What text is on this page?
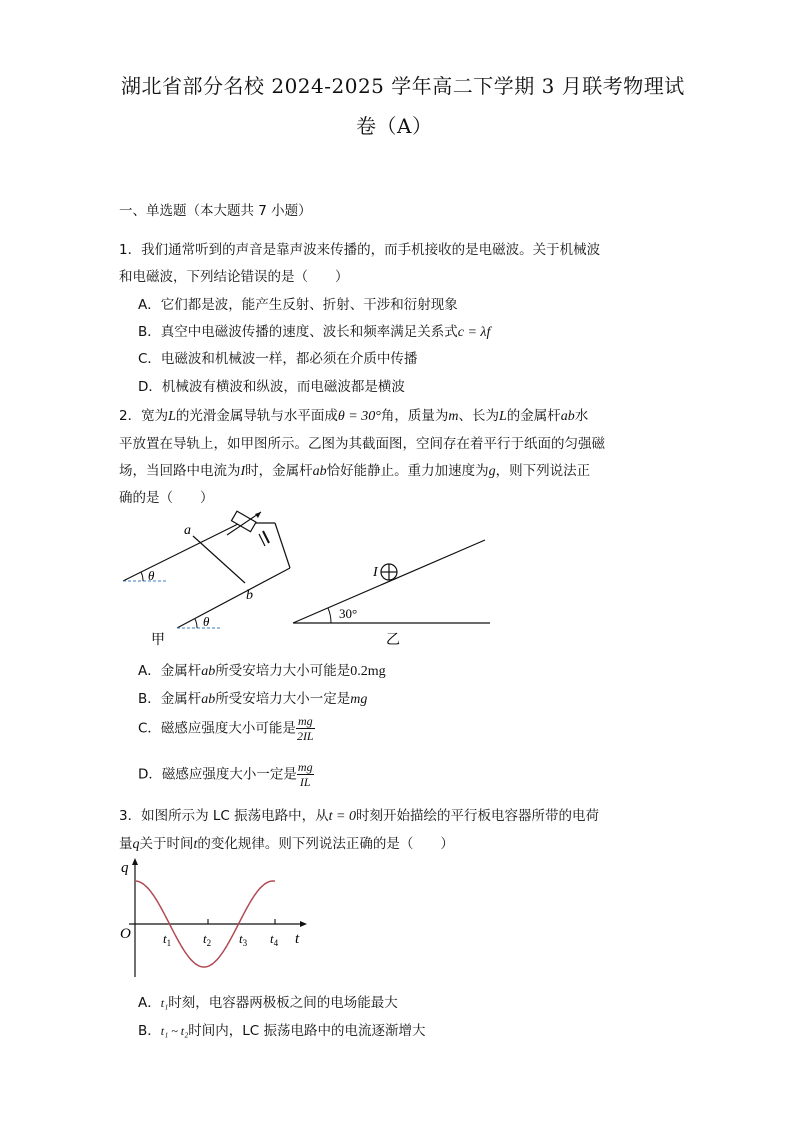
湖北省部分名校 2024-2025 学年高二下学期 3 月联考物理试
卷（A）
一、单选题（本大题共 7 小题）
1．我们通常听到的声音是靠声波来传播的，而手机接收的是电磁波。关于机械波
和电磁波，下列结论错误的是（　　）
A．它们都是波，能产生反射、折射、干涉和衍射现象
B．真空中电磁波传播的速度、波长和频率满足关系式c = λf
C．电磁波和机械波一样，都必须在介质中传播
D．机械波有横波和纵波，而电磁波都是横波
2．宽为L的光滑金属导轨与水平面成θ = 30°角，质量为m、长为L的金属杆ab水
平放置在导轨上，如甲图所示。乙图为其截面图，空间存在着平行于纸面的匀强磁
场，当回路中电流为I时，金属杆ab恰好能静止。重力加速度为g，则下列说法正
确的是（　　）
a
b
θ
θ
甲
30°
I
乙
A．金属杆ab所受安培力大小可能是0.2mg
B．金属杆ab所受安培力大小一定是mg
C．磁感应强度大小可能是 $\frac{mg}{2IL}$
D．磁感应强度大小一定是 $\frac{mg}{IL}$
3．如图所示为 LC 振荡电路中，从t = 0时刻开始描绘的平行板电容器所带的电荷
量q关于时间t的变化规律。则下列说法正确的是（　　）
q
t
O $t_1$ $t_2$ $t_3$ $t_4$
A．t₁时刻，电容器两极板之间的电场能最大
B．t₁ ~ t₂时间内，LC 振荡电路中的电流逐渐增大
